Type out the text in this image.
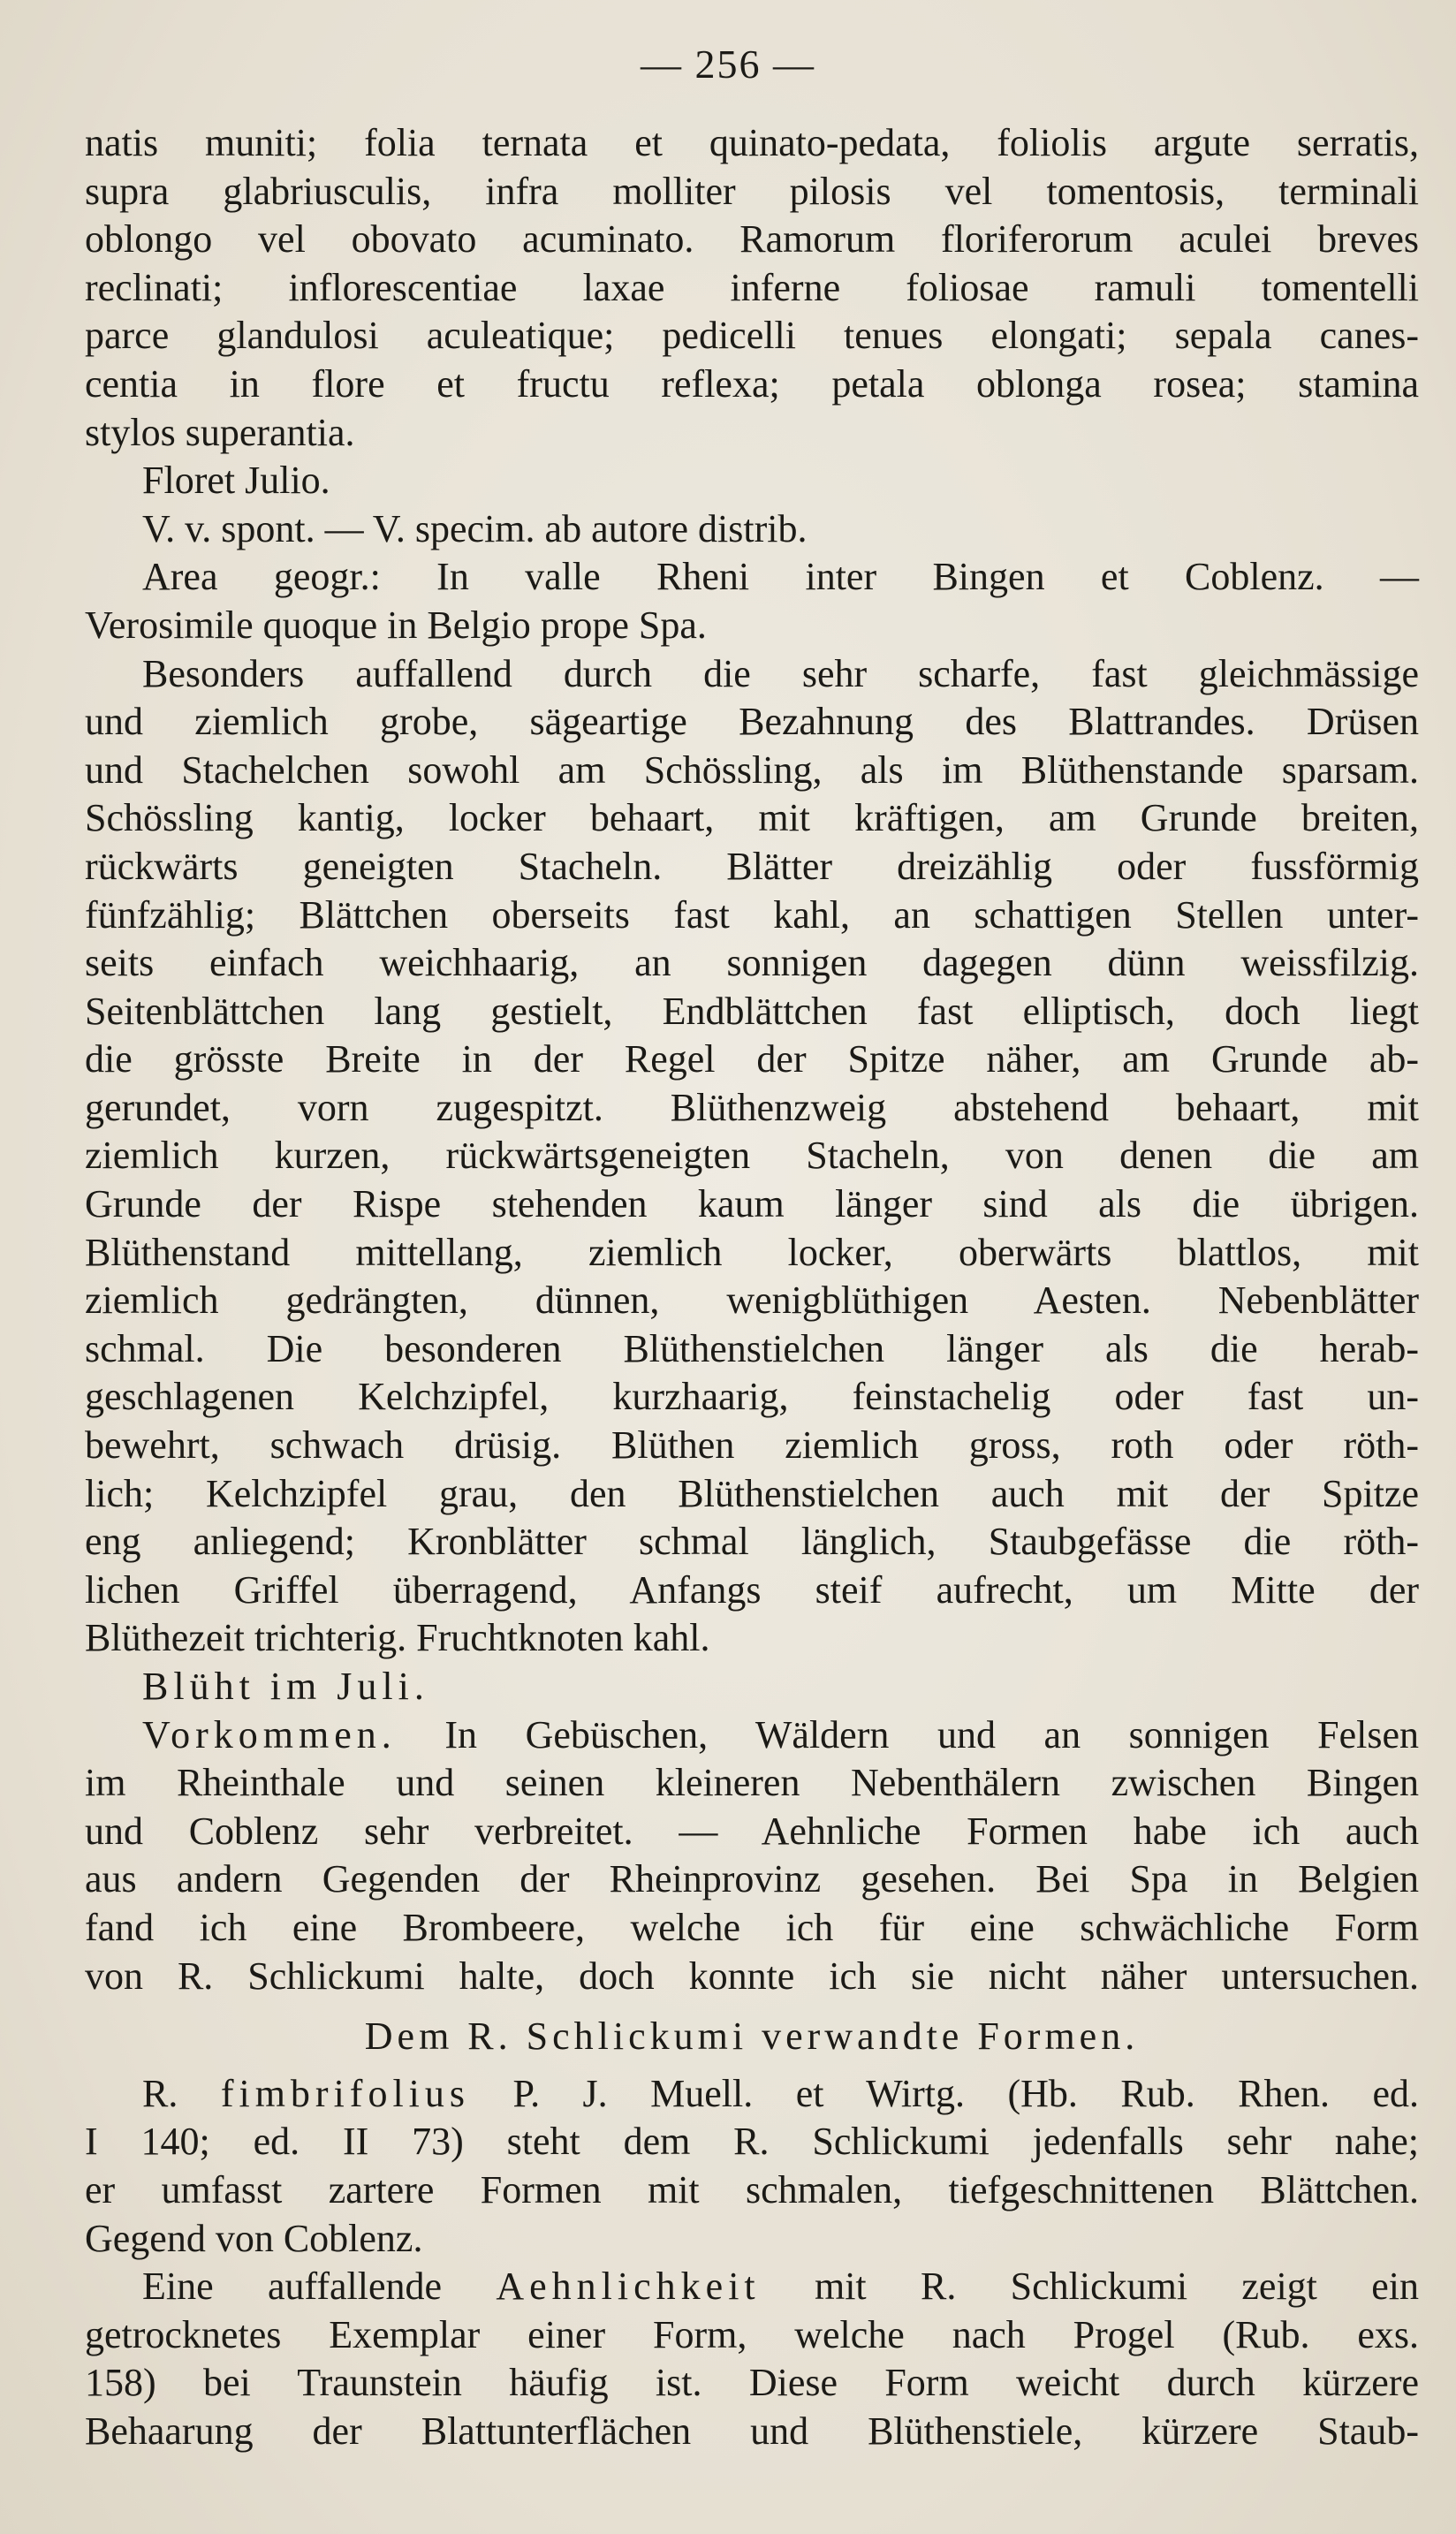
— 256 —
natis muniti; folia ternata et quinato-pedata, foliolis argute serratis,
supra glabriusculis, infra molliter pilosis vel tomentosis, terminali
oblongo vel obovato acuminato. Ramorum floriferorum aculei breves
reclinati; inflorescentiae laxae inferne foliosae ramuli tomentelli
parce glandulosi aculeatique; pedicelli tenues elongati; sepala canes-
centia in flore et fructu reflexa; petala oblonga rosea; stamina
stylos superantia.
Floret Julio.
V. v. spont. — V. specim. ab autore distrib.
Area geogr.: In valle Rheni inter Bingen et Coblenz. —
Verosimile quoque in Belgio prope Spa.
Besonders auffallend durch die sehr scharfe, fast gleichmässige
und ziemlich grobe, sägeartige Bezahnung des Blattrandes. Drüsen
und Stachelchen sowohl am Schössling, als im Blüthenstande sparsam.
Schössling kantig, locker behaart, mit kräftigen, am Grunde breiten,
rückwärts geneigten Stacheln. Blätter dreizählig oder fussförmig
fünfzählig; Blättchen oberseits fast kahl, an schattigen Stellen unter-
seits einfach weichhaarig, an sonnigen dagegen dünn weissfilzig.
Seitenblättchen lang gestielt, Endblättchen fast elliptisch, doch liegt
die grösste Breite in der Regel der Spitze näher, am Grunde ab-
gerundet, vorn zugespitzt. Blüthenzweig abstehend behaart, mit
ziemlich kurzen, rückwärtsgeneigten Stacheln, von denen die am
Grunde der Rispe stehenden kaum länger sind als die übrigen.
Blüthenstand mittellang, ziemlich locker, oberwärts blattlos, mit
ziemlich gedrängten, dünnen, wenigblüthigen Aesten. Nebenblätter
schmal. Die besonderen Blüthenstielchen länger als die herab-
geschlagenen Kelchzipfel, kurzhaarig, feinstachelig oder fast un-
bewehrt, schwach drüsig. Blüthen ziemlich gross, roth oder röth-
lich; Kelchzipfel grau, den Blüthenstielchen auch mit der Spitze
eng anliegend; Kronblätter schmal länglich, Staubgefässe die röth-
lichen Griffel überragend, Anfangs steif aufrecht, um Mitte der
Blüthezeit trichterig. Fruchtknoten kahl.
Blüht im Juli.
Vorkommen. In Gebüschen, Wäldern und an sonnigen Felsen
im Rheinthale und seinen kleineren Nebenthälern zwischen Bingen
und Coblenz sehr verbreitet. — Aehnliche Formen habe ich auch
aus andern Gegenden der Rheinprovinz gesehen. Bei Spa in Belgien
fand ich eine Brombeere, welche ich für eine schwächliche Form
von R. Schlickumi halte, doch konnte ich sie nicht näher untersuchen.
Dem R. Schlickumi verwandte Formen.
R. fimbrifolius P. J. Muell. et Wirtg. (Hb. Rub. Rhen. ed.
I 140; ed. II 73) steht dem R. Schlickumi jedenfalls sehr nahe;
er umfasst zartere Formen mit schmalen, tiefgeschnittenen Blättchen.
Gegend von Coblenz.
Eine auffallende Aehnlichkeit mit R. Schlickumi zeigt ein
getrocknetes Exemplar einer Form, welche nach Progel (Rub. exs.
158) bei Traunstein häufig ist. Diese Form weicht durch kürzere
Behaarung der Blattunterflächen und Blüthenstiele, kürzere Staub-
